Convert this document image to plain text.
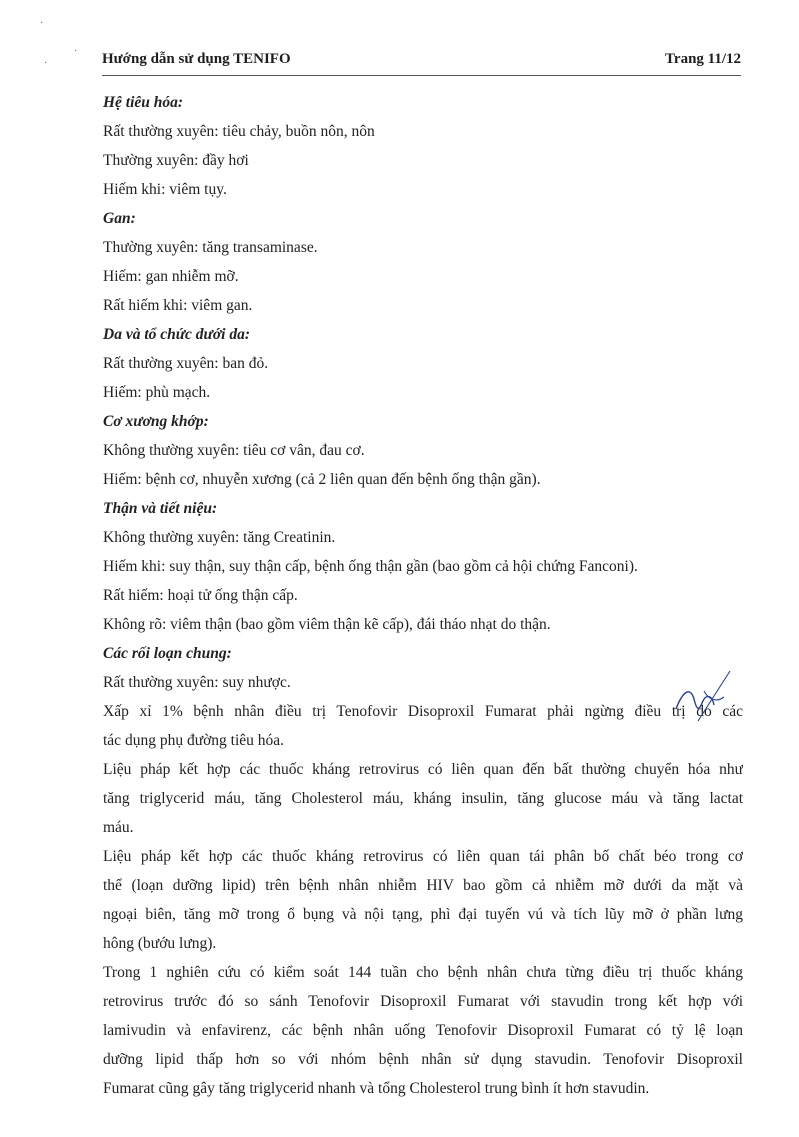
·
·
· Hướng dẫn sử dụng TENIFO	Trang 11/12
Hệ tiêu hóa:
Rất thường xuyên: tiêu chảy, buồn nôn, nôn
Thường xuyên: đầy hơi
Hiếm khi: viêm tụy.
Gan:
Thường xuyên: tăng transaminase.
Hiếm: gan nhiễm mỡ.
Rất hiếm khi: viêm gan.
Da và tổ chức dưới da:
Rất thường xuyên: ban đỏ.
Hiếm: phù mạch.
Cơ xương khớp:
Không thường xuyên: tiêu cơ vân, đau cơ.
Hiếm: bệnh cơ, nhuyễn xương (cả 2 liên quan đến bệnh ống thận gần).
Thận và tiết niệu:
Không thường xuyên: tăng Creatinin.
Hiếm khi: suy thận, suy thận cấp, bệnh ống thận gần (bao gồm cả hội chứng Fanconi).
Rất hiếm: hoại tử ống thận cấp.
Không rõ: viêm thận (bao gồm viêm thận kẽ cấp), đái tháo nhạt do thận.
Các rối loạn chung:
Rất thường xuyên: suy nhược.
Xấp xỉ 1% bệnh nhân điều trị Tenofovir Disoproxil Fumarat phải ngừng điều trị do các
tác dụng phụ đường tiêu hóa.
Liệu pháp kết hợp các thuốc kháng retrovirus có liên quan đến bất thường chuyển hóa như
tăng triglycerid máu, tăng Cholesterol máu, kháng insulin, tăng glucose máu và tăng lactat
máu.
Liệu pháp kết hợp các thuốc kháng retrovirus có liên quan tái phân bố chất béo trong cơ
thể (loạn dưỡng lipid) trên bệnh nhân nhiễm HIV bao gồm cả nhiễm mỡ dưới da mặt và
ngoại biên, tăng mỡ trong ổ bụng và nội tạng, phì đại tuyến vú và tích lũy mỡ ở phần lưng
hông (bướu lưng).
Trong 1 nghiên cứu có kiểm soát 144 tuần cho bệnh nhân chưa từng điều trị thuốc kháng
retrovirus trước đó so sánh Tenofovir Disoproxil Fumarat với stavudin trong kết hợp với
lamivudin và enfavirenz, các bệnh nhân uống Tenofovir Disoproxil Fumarat có tỷ lệ loạn
dưỡng lipid thấp hơn so với nhóm bệnh nhân sử dụng stavudin. Tenofovir Disoproxil
Fumarat cũng gây tăng triglycerid nhanh và tổng Cholesterol trung bình ít hơn stavudin.
